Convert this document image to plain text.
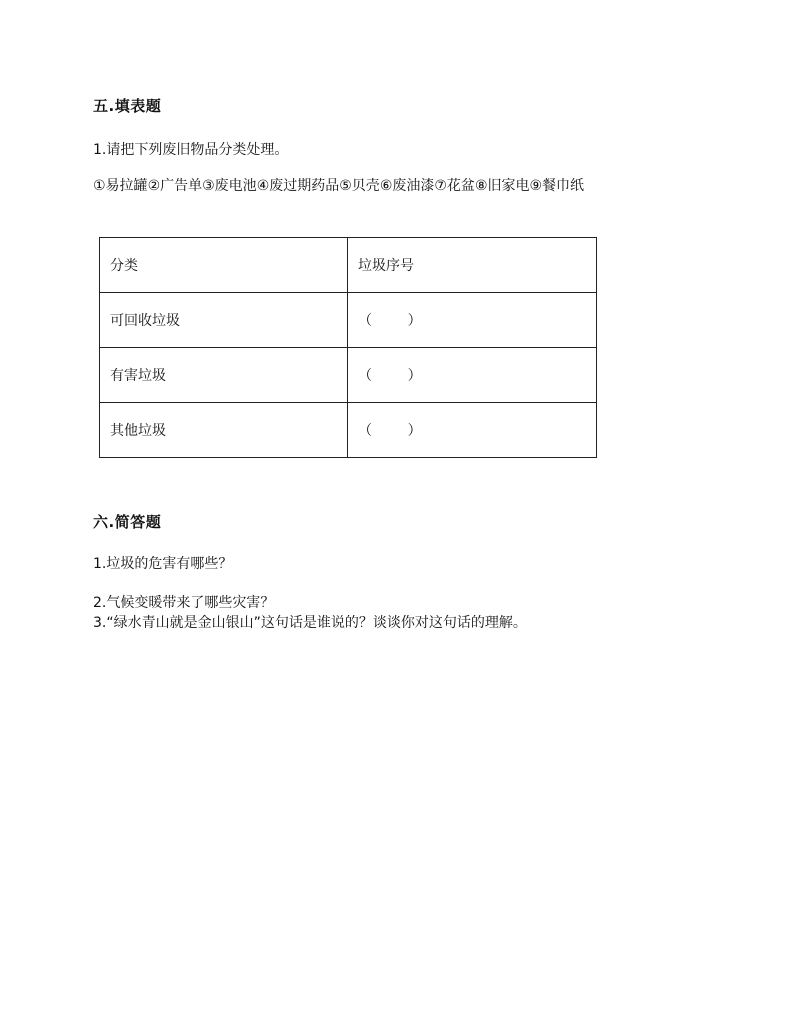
五.填表题
1.请把下列废旧物品分类处理。
①易拉罐②广告单③废电池④废过期药品⑤贝壳⑥废油漆⑦花盆⑧旧家电⑨餐巾纸
分类	垃圾序号
可回收垃圾	（        ）
有害垃圾	（        ）
其他垃圾	（        ）
六.简答题
1.垃圾的危害有哪些？
2.气候变暖带来了哪些灾害？
3.“绿水青山就是金山银山”这句话是谁说的？谈谈你对这句话的理解。
